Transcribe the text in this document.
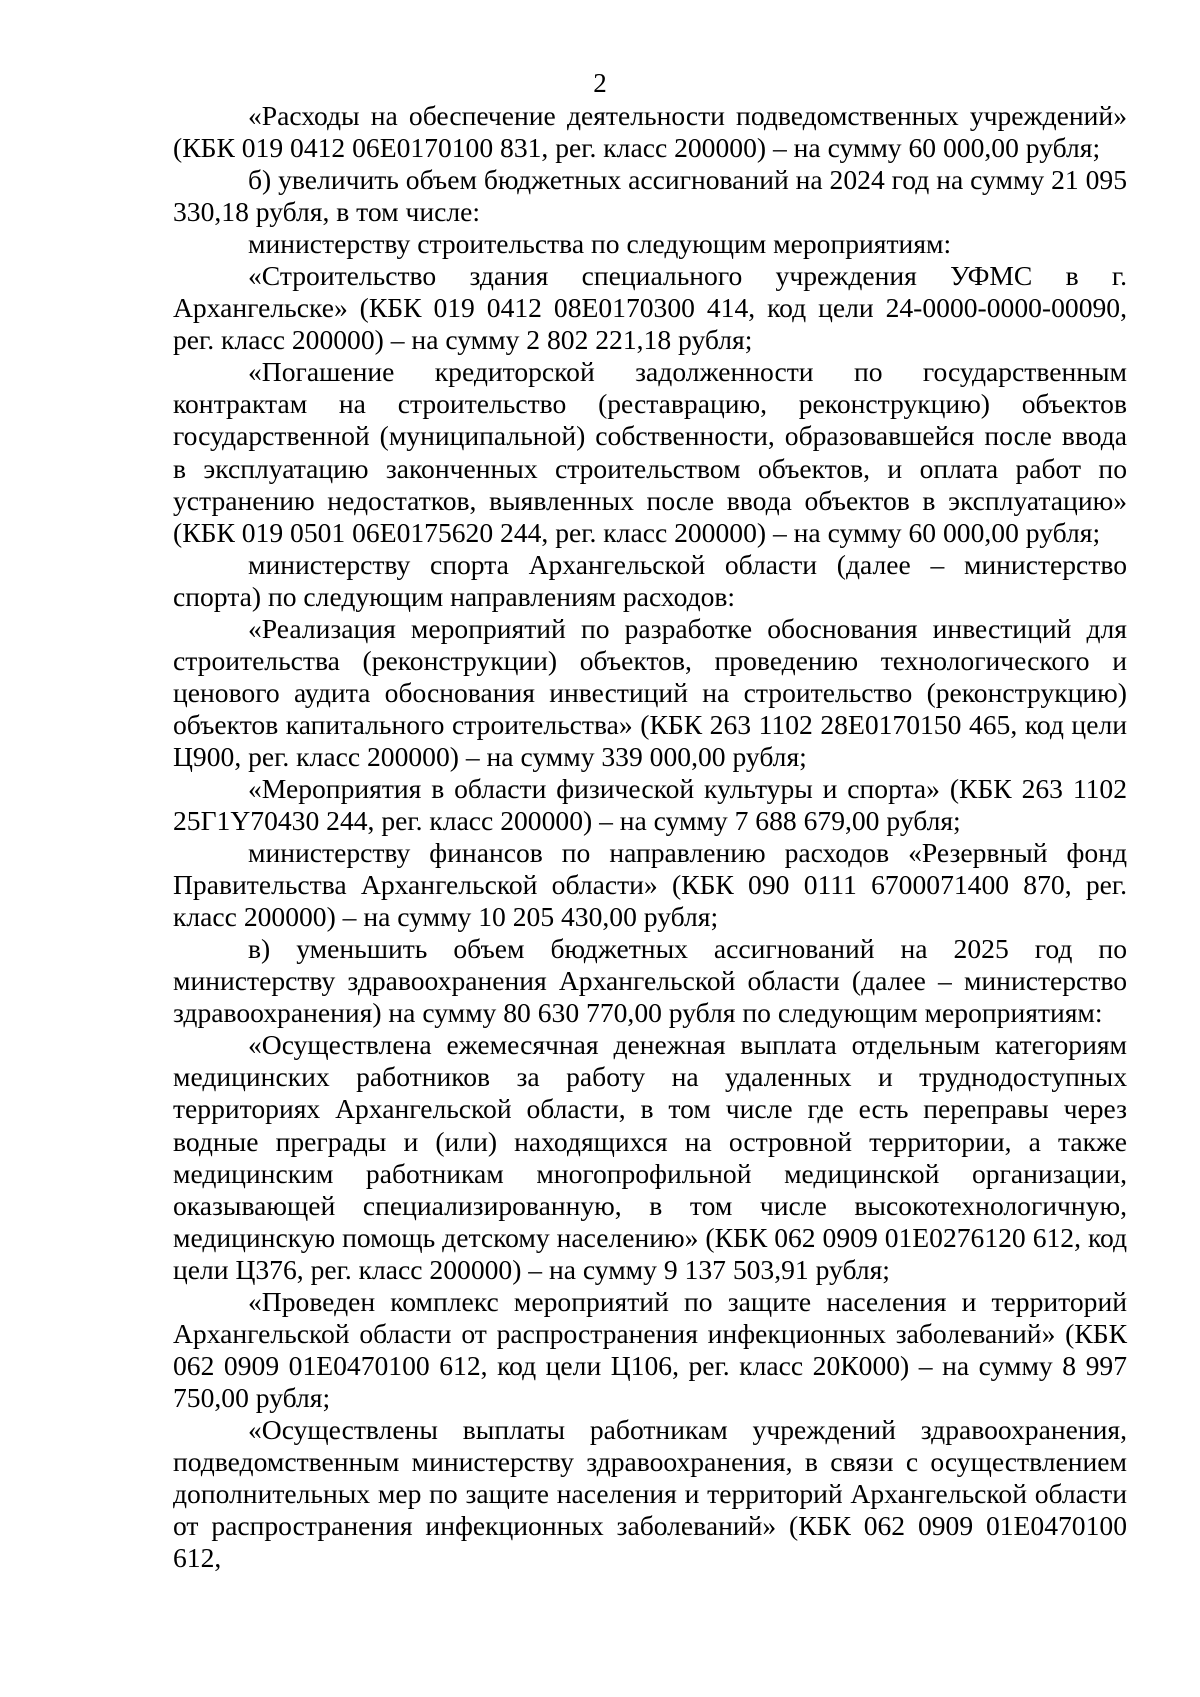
2

«Расходы на обеспечение деятельности подведомственных учреждений» (КБК 019 0412 06Е0170100 831, рег. класс 200000) – на сумму 60 000,00 рубля;

б) увеличить объем бюджетных ассигнований на 2024 год на сумму 21 095 330,18 рубля, в том числе:

министерству строительства по следующим мероприятиям:

«Строительство здания специального учреждения УФМС в г. Архангельске» (КБК 019 0412 08Е0170300 414, код цели 24-0000-0000-00090, рег. класс 200000) – на сумму 2 802 221,18 рубля;

«Погашение кредиторской задолженности по государственным контрактам на строительство (реставрацию, реконструкцию) объектов государственной (муниципальной) собственности, образовавшейся после ввода в эксплуатацию законченных строительством объектов, и оплата работ по устранению недостатков, выявленных после ввода объектов в эксплуатацию» (КБК 019 0501 06Е0175620 244, рег. класс 200000) – на сумму 60 000,00 рубля;

министерству спорта Архангельской области (далее – министерство спорта) по следующим направлениям расходов:

«Реализация мероприятий по разработке обоснования инвестиций для строительства (реконструкции) объектов, проведению технологического и ценового аудита обоснования инвестиций на строительство (реконструкцию) объектов капитального строительства» (КБК 263 1102 28Е0170150 465, код цели Ц900, рег. класс 200000) – на сумму 339 000,00 рубля;

«Мероприятия в области физической культуры и спорта» (КБК 263 1102 25Г1Y70430 244, рег. класс 200000) – на сумму 7 688 679,00 рубля;

министерству финансов по направлению расходов «Резервный фонд Правительства Архангельской области» (КБК 090 0111 6700071400 870, рег. класс 200000) – на сумму 10 205 430,00 рубля;

в) уменьшить объем бюджетных ассигнований на 2025 год по министерству здравоохранения Архангельской области (далее – министерство здравоохранения) на сумму 80 630 770,00 рубля по следующим мероприятиям:

«Осуществлена ежемесячная денежная выплата отдельным категориям медицинских работников за работу на удаленных и труднодоступных территориях Архангельской области, в том числе где есть переправы через водные преграды и (или) находящихся на островной территории, а также медицинским работникам многопрофильной медицинской организации, оказывающей специализированную, в том числе высокотехнологичную, медицинскую помощь детскому населению» (КБК 062 0909 01Е0276120 612, код цели Ц376, рег. класс 200000) – на сумму 9 137 503,91 рубля;

«Проведен комплекс мероприятий по защите населения и территорий Архангельской области от распространения инфекционных заболеваний» (КБК 062 0909 01Е0470100 612, код цели Ц106, рег. класс 20К000) – на сумму 8 997 750,00 рубля;

«Осуществлены выплаты работникам учреждений здравоохранения, подведомственным министерству здравоохранения, в связи с осуществлением дополнительных мер по защите населения и территорий Архангельской области от распространения инфекционных заболеваний» (КБК 062 0909 01Е0470100 612,
